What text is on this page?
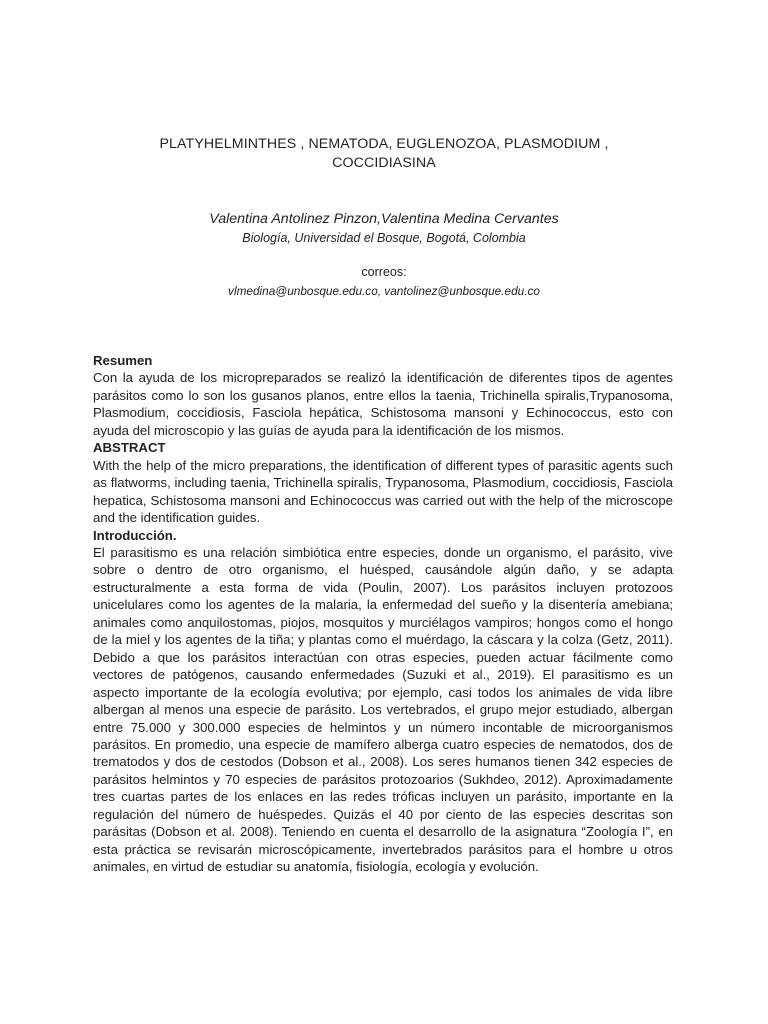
PLATYHELMINTHES , NEMATODA, EUGLENOZOA, PLASMODIUM ,
COCCIDIASINA
Valentina Antolinez Pinzon,Valentina Medina Cervantes
Biología, Universidad el Bosque, Bogotá, Colombia
correos:
vlmedina@unbosque.edu.co, vantolinez@unbosque.edu.co
Resumen

Con la ayuda de los micropreparados se realizó la identificación de diferentes tipos de agentes parásitos como lo son los gusanos planos, entre ellos la taenia, Trichinella spiralis,Trypanosoma, Plasmodium, coccidiosis, Fasciola hepática, Schistosoma mansoni y Echinococcus, esto con ayuda del microscopio y las guías de ayuda para la identificación de los mismos.

ABSTRACT

With the help of the micro preparations, the identification of different types of parasitic agents such as flatworms, including taenia, Trichinella spiralis, Trypanosoma, Plasmodium, coccidiosis, Fasciola hepatica, Schistosoma mansoni and Echinococcus was carried out with the help of the microscope and the identification guides.

Introducción.

El parasitismo es una relación simbiótica entre especies, donde un organismo, el parásito, vive sobre o dentro de otro organismo, el huésped, causándole algún daño, y se adapta estructuralmente a esta forma de vida (Poulin, 2007). Los parásitos incluyen protozoos unicelulares como los agentes de la malaria, la enfermedad del sueño y la disentería amebiana; animales como anquilostomas, piojos, mosquitos y murciélagos vampiros; hongos como el hongo de la miel y los agentes de la tiña; y plantas como el muérdago, la cáscara y la colza (Getz, 2011). Debido a que los parásitos interactúan con otras especies, pueden actuar fácilmente como vectores de patógenos, causando enfermedades (Suzuki et al., 2019). El parasitismo es un aspecto importante de la ecología evolutiva; por ejemplo, casi todos los animales de vida libre albergan al menos una especie de parásito. Los vertebrados, el grupo mejor estudiado, albergan entre 75.000 y 300.000 especies de helmintos y un número incontable de microorganismos parásitos. En promedio, una especie de mamífero alberga cuatro especies de nematodos, dos de trematodos y dos de cestodos (Dobson et al., 2008). Los seres humanos tienen 342 especies de parásitos helmintos y 70 especies de parásitos protozoarios (Sukhdeo, 2012). Aproximadamente tres cuartas partes de los enlaces en las redes tróficas incluyen un parásito, importante en la regulación del número de huéspedes. Quizás el 40 por ciento de las especies descritas son parásitas (Dobson et al. 2008). Teniendo en cuenta el desarrollo de la asignatura “Zoología I”, en esta práctica se revisarán microscópicamente, invertebrados parásitos para el hombre u otros animales, en virtud de estudiar su anatomía, fisiología, ecología y evolución.
